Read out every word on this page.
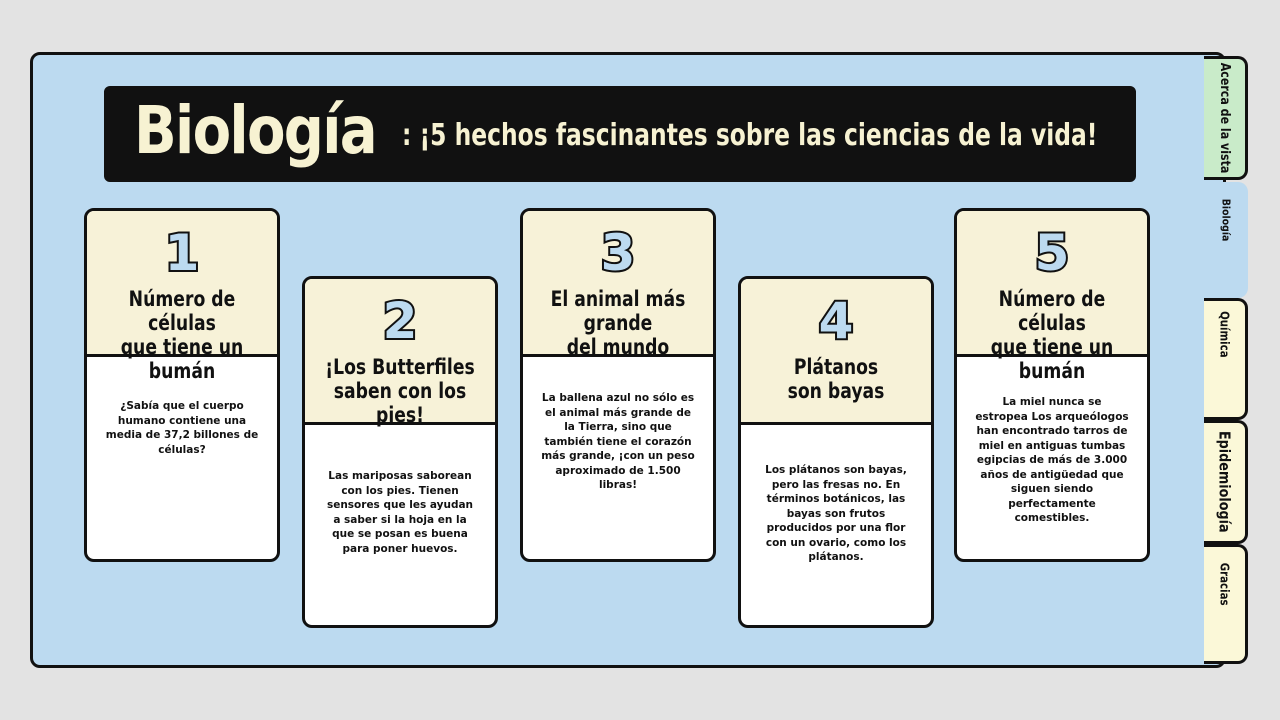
Biología : ¡5 hechos fascinantes sobre las ciencias de la vida!
1
Número de células
que tiene un bumán
¿Sabía que el cuerpo humano contiene una media de 37,2 billones de células?
2
¡Los Butterfiles
saben con los pies!
Las mariposas saborean con los pies. Tienen sensores que les ayudan a saber si la hoja en la que se posan es buena para poner huevos.
3
El animal más grande
del mundo
La ballena azul no sólo es el animal más grande de la Tierra, sino que también tiene el corazón más grande, ¡con un peso aproximado de 1.500 libras!
4
Plátanos
son bayas
Los plátanos son bayas, pero las fresas no. En términos botánicos, las bayas son frutos producidos por una flor con un ovario, como los plátanos.
5
Número de células
que tiene un bumán
La miel nunca se estropea Los arqueólogos han encontrado tarros de miel en antiguas tumbas egipcias de más de 3.000 años de antigüedad que siguen siendo perfectamente comestibles.
Acerca de la vista
Biología
Química
Epidemiología
Gracias
